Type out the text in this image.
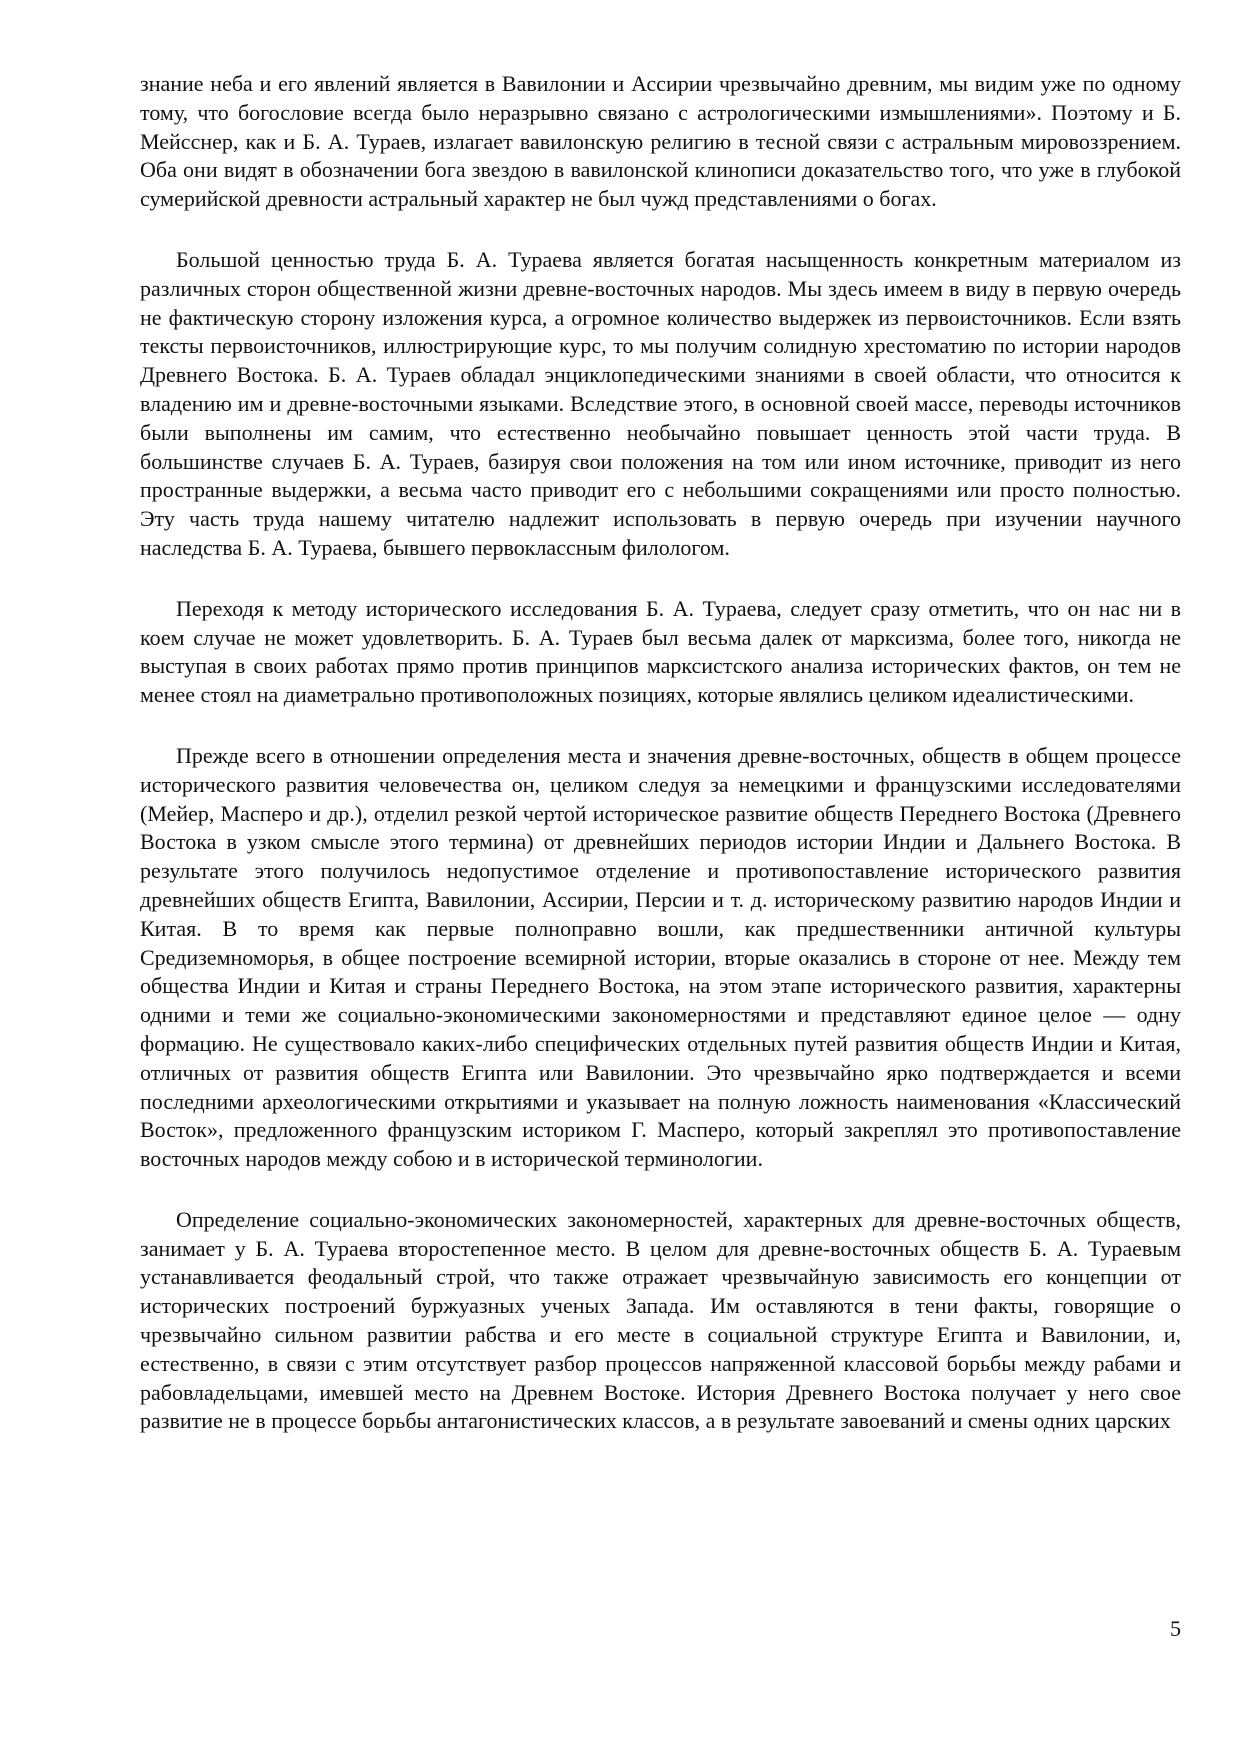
знание неба и его явлений является в Вавилонии и Ассирии чрезвычайно древним, мы видим уже по одному тому, что богословие всегда было неразрывно связано с астрологическими измышлениями». Поэтому и Б. Мейсснер, как и Б. А. Тураев, излагает вавилонскую религию в тесной связи с астральным мировоззрением. Оба они видят в обозначении бога звездою в вавилонской клинописи доказательство того, что уже в глубокой сумерийской древности астральный характер не был чужд представлениями о богах.

Большой ценностью труда Б. А. Тураева является богатая насыщенность конкретным материалом из различных сторон общественной жизни древне-восточных народов. Мы здесь имеем в виду в первую очередь не фактическую сторону изложения курса, а огромное количество выдержек из первоисточников. Если взять тексты первоисточников, иллюстрирующие курс, то мы получим солидную хрестоматию по истории народов Древнего Востока. Б. А. Тураев обладал энциклопедическими знаниями в своей области, что относится к владению им и древне-восточными языками. Вследствие этого, в основной своей массе, переводы источников были выполнены им самим, что естественно необычайно повышает ценность этой части труда. В большинстве случаев Б. А. Тураев, базируя свои положения на том или ином источнике, приводит из него пространные выдержки, а весьма часто приводит его с небольшими сокращениями или просто полностью. Эту часть труда нашему читателю надлежит использовать в первую очередь при изучении научного наследства Б. А. Тураева, бывшего первоклассным филологом.

Переходя к методу исторического исследования Б. А. Тураева, следует сразу отметить, что он нас ни в коем случае не может удовлетворить. Б. А. Тураев был весьма далек от марксизма, более того, никогда не выступая в своих работах прямо против принципов марксистского анализа исторических фактов, он тем не менее стоял на диаметрально противоположных позициях, которые являлись целиком идеалистическими.

Прежде всего в отношении определения места и значения древне-восточных, обществ в общем процессе исторического развития человечества он, целиком следуя за немецкими и французскими исследователями (Мейер, Масперо и др.), отделил резкой чертой историческое развитие обществ Переднего Востока (Древнего Востока в узком смысле этого термина) от древнейших периодов истории Индии и Дальнего Востока. В результате этого получилось недопустимое отделение и противопоставление исторического развития древнейших обществ Египта, Вавилонии, Ассирии, Персии и т. д. историческому развитию народов Индии и Китая. В то время как первые полноправно вошли, как предшественники античной культуры Средиземноморья, в общее построение всемирной истории, вторые оказались в стороне от нее. Между тем общества Индии и Китая и страны Переднего Востока, на этом этапе исторического развития, характерны одними и теми же социально-экономическими закономерностями и представляют единое целое — одну формацию. Не существовало каких-либо специфических отдельных путей развития обществ Индии и Китая, отличных от развития обществ Египта или Вавилонии. Это чрезвычайно ярко подтверждается и всеми последними археологическими открытиями и указывает на полную ложность наименования «Классический Восток», предложенного французским историком Г. Масперо, который закреплял это противопоставление восточных народов между собою и в исторической терминологии.

Определение социально-экономических закономерностей, характерных для древне-восточных обществ, занимает у Б. А. Тураева второстепенное место. В целом для древне-восточных обществ Б. А. Тураевым устанавливается феодальный строй, что также отражает чрезвычайную зависимость его концепции от исторических построений буржуазных ученых Запада. Им оставляются в тени факты, говорящие о чрезвычайно сильном развитии рабства и его месте в социальной структуре Египта и Вавилонии, и, естественно, в связи с этим отсутствует разбор процессов напряженной классовой борьбы между рабами и рабовладельцами, имевшей место на Древнем Востоке. История Древнего Востока получает у него свое развитие не в процессе борьбы антагонистических классов, а в результате завоеваний и смены одних царских

5
